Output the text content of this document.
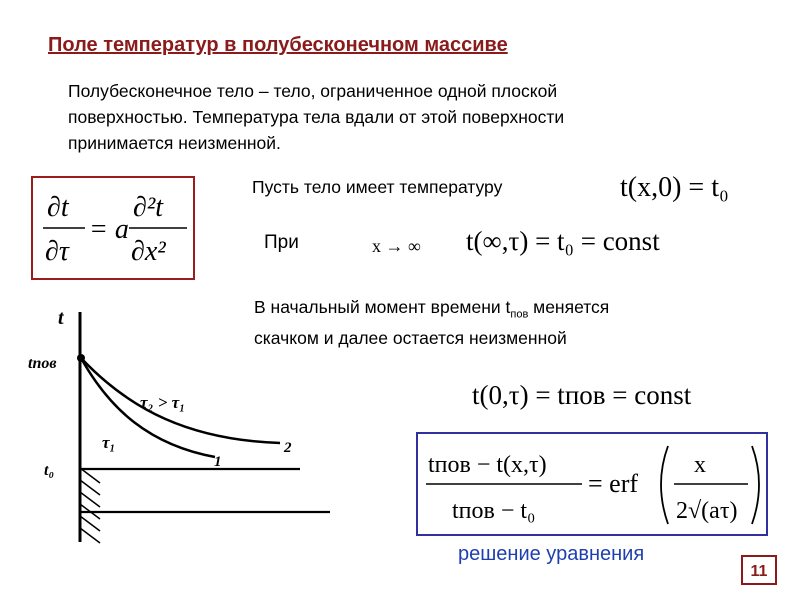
Поле температур в полубесконечном массиве
Полубесконечное тело – тело, ограниченное одной плоской
поверхностью. Температура тела вдали от этой поверхности
принимается неизменной.
∂t
∂τ
= a
∂²t
∂x²
Пусть тело имеет температуру	t(x,0) = t₀
При	x → ∞ t(∞,τ) = t₀ = const
В начальный момент времени $t_{пов}$ меняется
скачком и далее остается неизменной
t(0,τ) = tпов = const
tпов − t(x,τ)
tпов − t₀
= erf
x
2√(aτ)
решение уравнения
11
t
tпов
t₀
τ₂ > τ₁
τ₁
1
2
